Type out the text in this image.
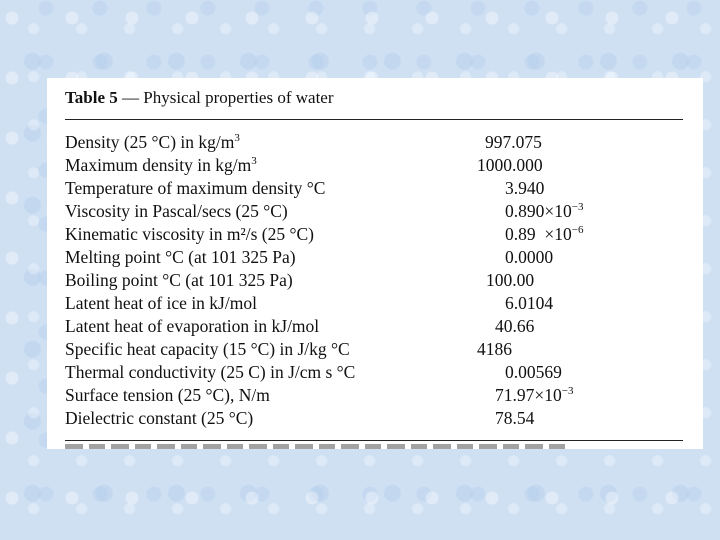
Table 5 — Physical properties of water
Density (25 °C) in $kg/m^3$	997.075
Maximum density in $kg/m^3$	1000.000
Temperature of maximum density °C	3.940
Viscosity in Pascal/secs (25 °C)	$0.890\times 10^{-3}$
Kinematic viscosity in m²/s (25 °C)	$0.89 \times 10^{-6}$
Melting point °C (at 101 325 Pa)	0.0000
Boiling point °C (at 101 325 Pa)	100.00
Latent heat of ice in kJ/mol	6.0104
Latent heat of evaporation in kJ/mol	40.66
Specific heat capacity (15 °C) in J/kg °C	4186
Thermal conductivity (25 C) in J/cm s °C	0.00569
Surface tension (25 °C), N/m	$71.97\times 10^{-3}$
Dielectric constant (25 °C)	78.54
